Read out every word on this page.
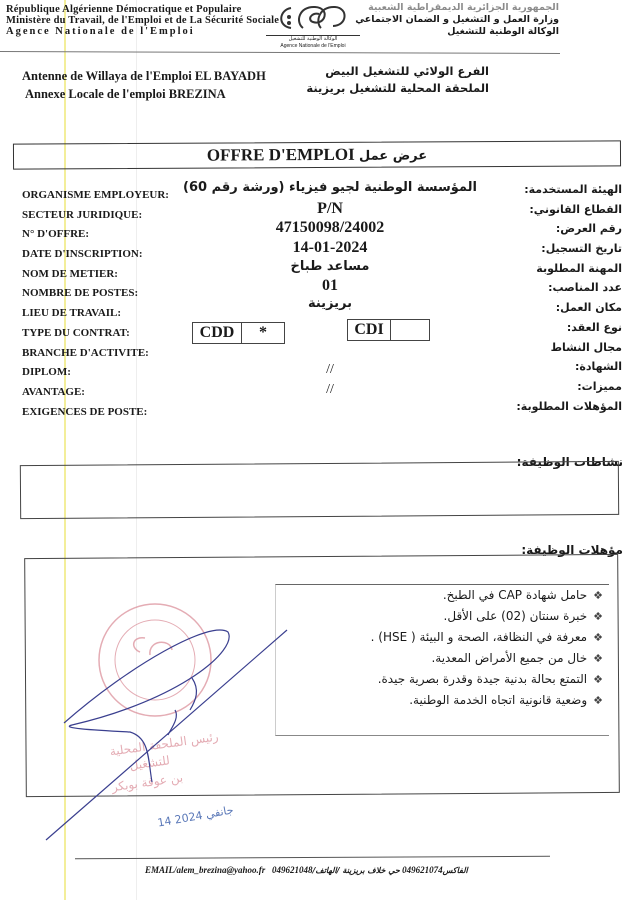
République Algérienne Démocratique et Populaire
Ministère du Travail, de l'Emploi et de La Sécurité Sociale
Agence Nationale de l'Emploi
الوكالة الوطنية للتشغيل
Agence Nationale de l'Emploi
الجمهورية الجزائرية الديمقراطية الشعبية
وزارة العمل و التشغيل و الضمان الاجتماعي
الوكالة الوطنية للتشغيل
Antenne de Willaya de l'Emploi EL BAYADH
Annexe Locale de l'emploi BREZINA
الفرع الولائي للتشغيل البيض
الملحقة المحلية للتشغيل بريزينة
OFFRE D'EMPLOI عرض عمل
ORGANISME EMPLOYEUR:
SECTEUR JURIDIQUE:
N° D'OFFRE:
DATE D'INSCRIPTION:
NOM DE METIER:
NOMBRE DE POSTES:
LIEU DE TRAVAIL:
TYPE DU CONTRAT:
BRANCHE D'ACTIVITE:
DIPLOM:
AVANTAGE:
EXIGENCES DE POSTE:
الهيئة المستخدمة:
القطاع القانوني:
رقم العرض:
تاريخ التسجيل:
المهنة المطلوبة
عدد المناصب:
مكان العمل:
نوع العقد:
مجال النشاط
الشهادة:
مميزات:
المؤهلات المطلوبة:
المؤسسة الوطنية لجيو فيزياء (ورشة رقم 60)
P/N
47150098/24002
14-01-2024
مساعد طباخ
01
بريزينة
CDD	*	CDI
//
//
نشاطات الوظيفة:
مؤهلات الوظيفة:
❖حامل شهادة CAP في الطبخ.
❖خبرة سنتان (02) على الأقل.
❖معرفة في النظافة، الصحة و البيئة ( HSE) .
❖خال من جميع الأمراض المعدية.
❖التمتع بحالة بدنية جيدة وقدرة بصرية جيدة.
❖وضعية قانونية اتجاه الخدمة الوطنية.
رئيس الملحقة المحلية
للتشغيل
بن عوفة بوبكر
14 جانفي 2024
EMAIL/alem_brezina@yahoo.fr 049621048/الفاكس049621074 حي خلاف بريزينة /الهاتف
